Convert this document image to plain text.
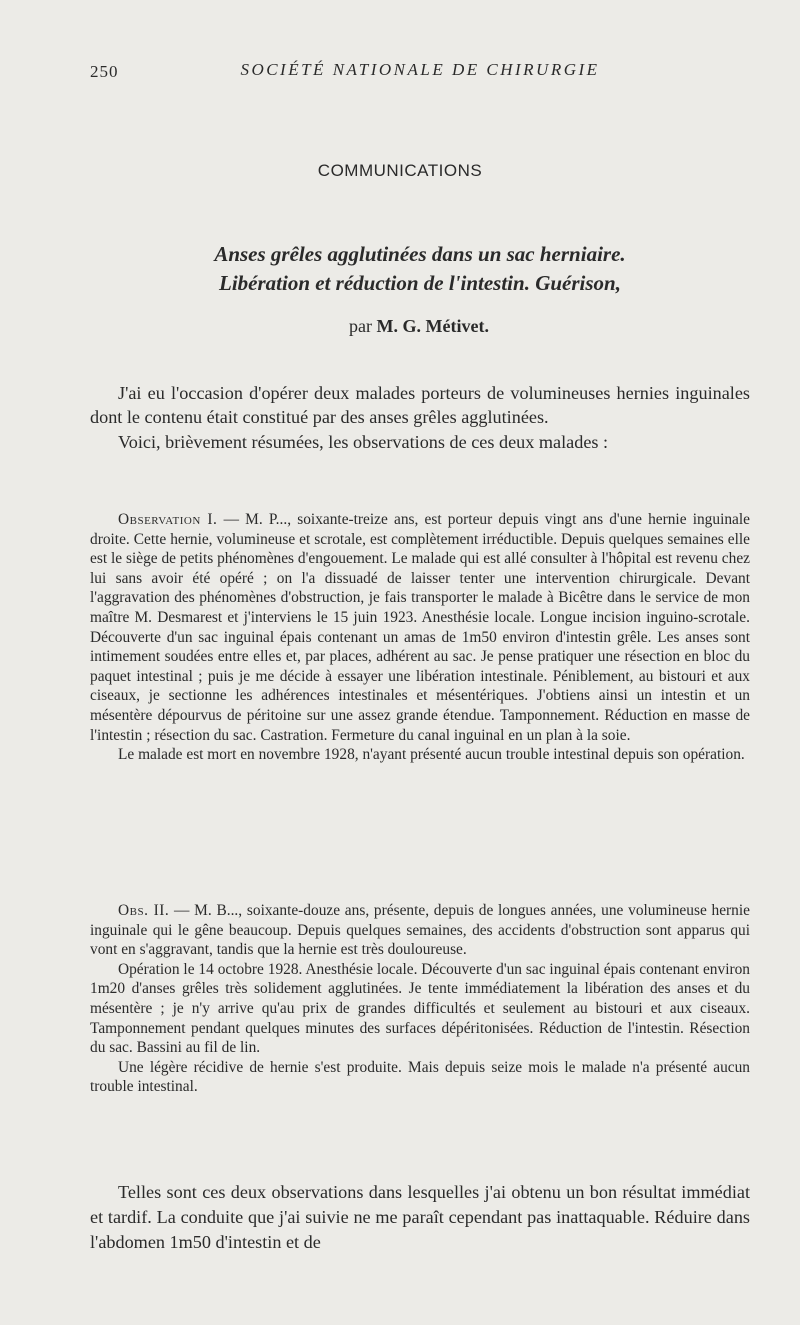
250	SOCIÉTÉ NATIONALE DE CHIRURGIE
COMMUNICATIONS
Anses grêles agglutinées dans un sac herniaire.
Libération et réduction de l'intestin. Guérison,
par M. G. Métivet.

J'ai eu l'occasion d'opérer deux malades porteurs de volumineuses hernies inguinales dont le contenu était constitué par des anses grêles agglutinées.

Voici, brièvement résumées, les observations de ces deux malades :

Observation I. — M. P..., soixante-treize ans, est porteur depuis vingt ans d'une hernie inguinale droite. Cette hernie, volumineuse et scrotale, est complètement irréductible. Depuis quelques semaines elle est le siège de petits phénomènes d'engouement. Le malade qui est allé consulter à l'hôpital est revenu chez lui sans avoir été opéré ; on l'a dissuadé de laisser tenter une intervention chirurgicale. Devant l'aggravation des phénomènes d'obstruction, je fais transporter le malade à Bicêtre dans le service de mon maître M. Desmarest et j'interviens le 15 juin 1923. Anesthésie locale. Longue incision inguino-scrotale. Découverte d'un sac inguinal épais contenant un amas de 1m50 environ d'intestin grêle. Les anses sont intimement soudées entre elles et, par places, adhérent au sac. Je pense pratiquer une résection en bloc du paquet intestinal ; puis je me décide à essayer une libération intestinale. Péniblement, au bistouri et aux ciseaux, je sectionne les adhérences intestinales et mésentériques. J'obtiens ainsi un intestin et un mésentère dépourvus de péritoine sur une assez grande étendue. Tamponnement. Réduction en masse de l'intestin ; résection du sac. Castration. Fermeture du canal inguinal en un plan à la soie.

Le malade est mort en novembre 1928, n'ayant présenté aucun trouble intestinal depuis son opération.

Obs. II. — M. B..., soixante-douze ans, présente, depuis de longues années, une volumineuse hernie inguinale qui le gêne beaucoup. Depuis quelques semaines, des accidents d'obstruction sont apparus qui vont en s'aggravant, tandis que la hernie est très douloureuse.

Opération le 14 octobre 1928. Anesthésie locale. Découverte d'un sac inguinal épais contenant environ 1m20 d'anses grêles très solidement agglutinées. Je tente immédiatement la libération des anses et du mésentère ; je n'y arrive qu'au prix de grandes difficultés et seulement au bistouri et aux ciseaux. Tamponnement pendant quelques minutes des surfaces dépéritonisées. Réduction de l'intestin. Résection du sac. Bassini au fil de lin.

Une légère récidive de hernie s'est produite. Mais depuis seize mois le malade n'a présenté aucun trouble intestinal.

Telles sont ces deux observations dans lesquelles j'ai obtenu un bon résultat immédiat et tardif. La conduite que j'ai suivie ne me paraît cependant pas inattaquable. Réduire dans l'abdomen 1m50 d'intestin et de
